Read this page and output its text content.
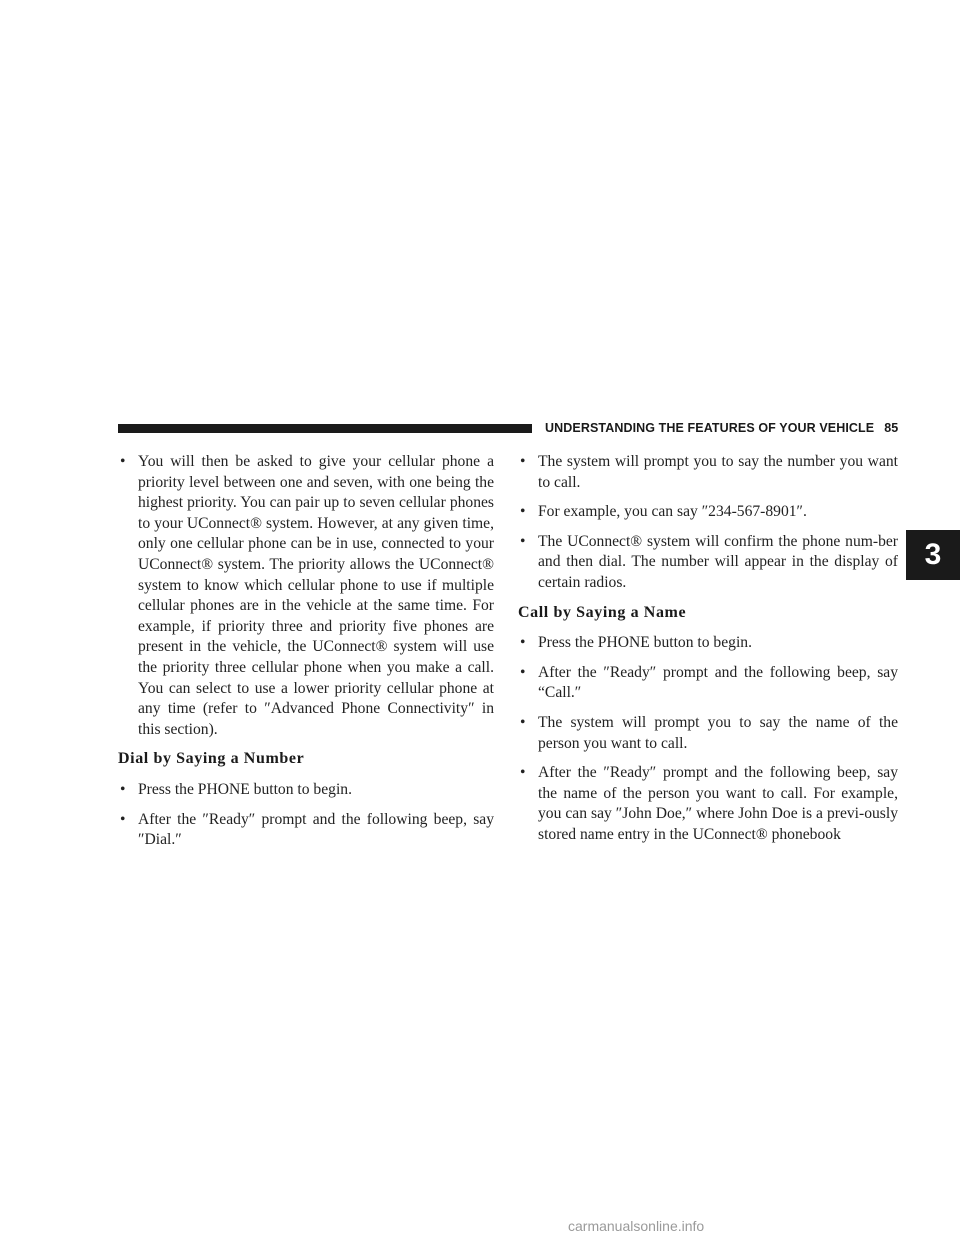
UNDERSTANDING THE FEATURES OF YOUR VEHICLE 85
3
• You will then be asked to give your cellular phone a priority level between one and seven, with one being the highest priority. You can pair up to seven cellular phones to your UConnect® system. However, at any given time, only one cellular phone can be in use, connected to your UConnect® system. The priority allows the UConnect® system to know which cellular phone to use if multiple cellular phones are in the vehicle at the same time. For example, if priority three and priority five phones are present in the vehicle, the UConnect® system will use the priority three cellular phone when you make a call. You can select to use a lower priority cellular phone at any time (refer to ″Advanced Phone Connectivity″ in this section).
Dial by Saying a Number
• Press the PHONE button to begin.
• After the ″Ready″ prompt and the following beep, say ″Dial.″
• The system will prompt you to say the number you want to call.
• For example, you can say ″234-567-8901″.
• The UConnect® system will confirm the phone num-ber and then dial. The number will appear in the display of certain radios.
Call by Saying a Name
• Press the PHONE button to begin.
• After the ″Ready″ prompt and the following beep, say “Call.″
• The system will prompt you to say the name of the person you want to call.
• After the ″Ready″ prompt and the following beep, say the name of the person you want to call. For example, you can say ″John Doe,″ where John Doe is a previ-ously stored name entry in the UConnect® phonebook
carmanualsonline.info
